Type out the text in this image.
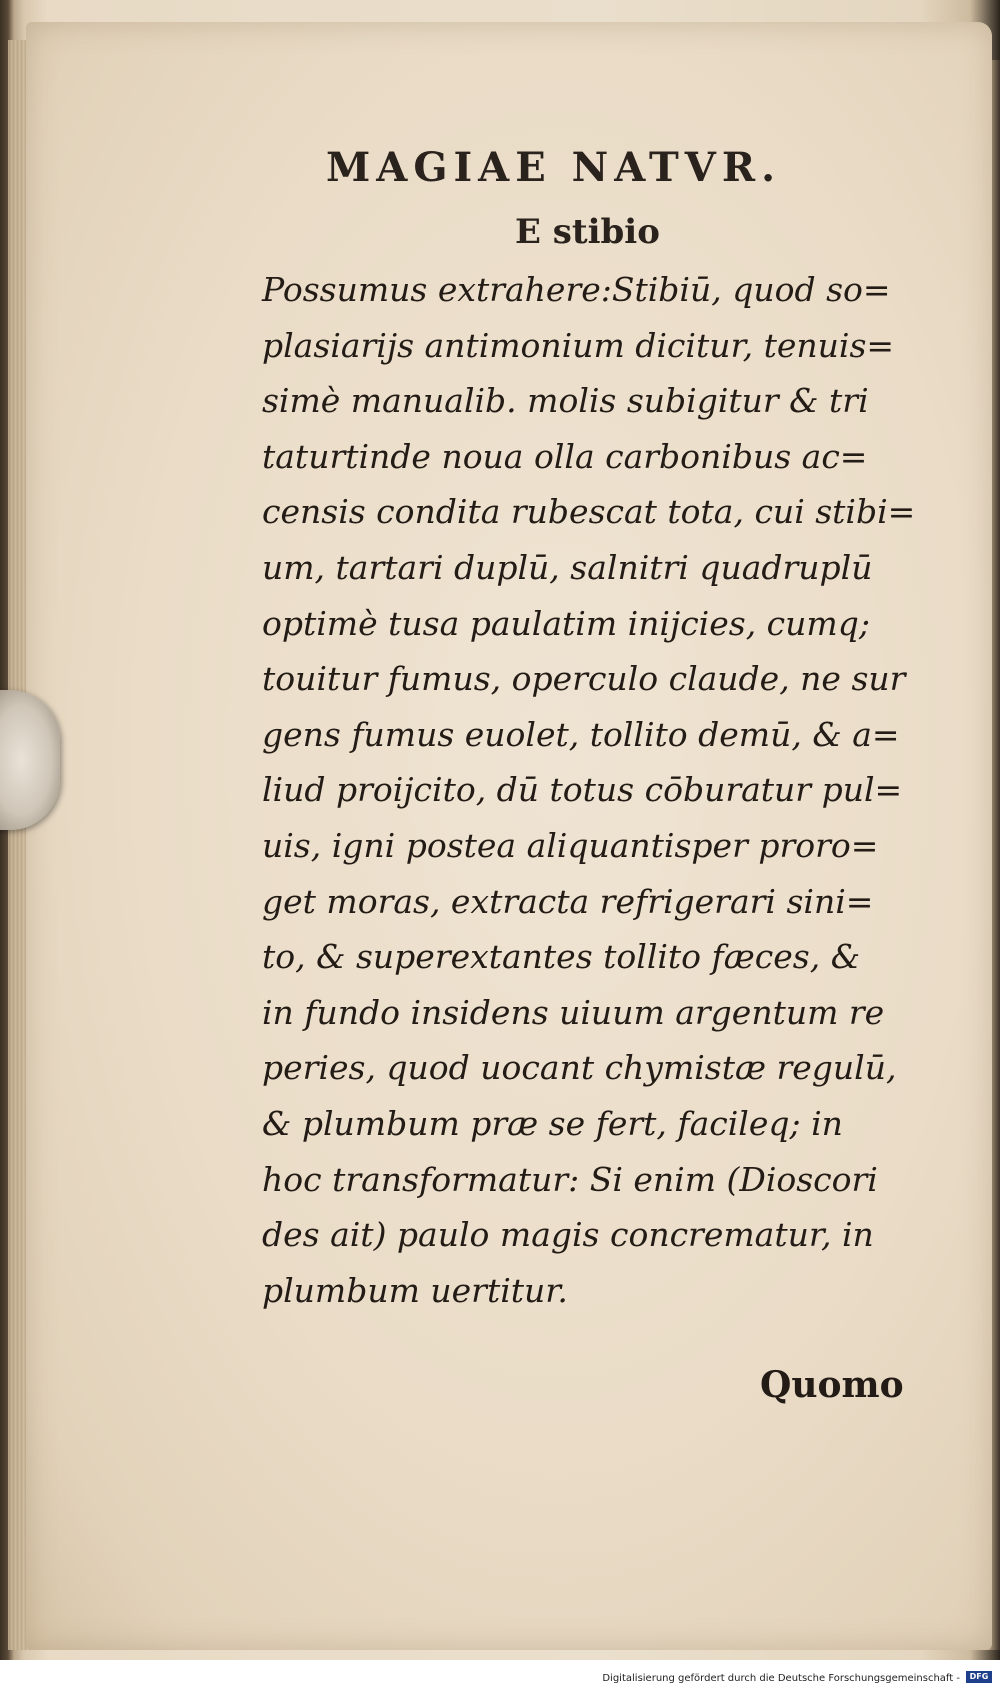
MAGIAE NATVR.
E stibio
Possumus extrahere:Stibiū, quod so=
plasiarijs antimonium dicitur, tenuis=
simè manualib. molis subigitur & tri
taturtinde noua olla carbonibus ac=
censis condita rubescat tota, cui stibi=
um, tartari duplū, salnitri quadruplū
optimè tusa paulatim inijcies, cumq;
touitur fumus, operculo claude, ne sur
gens fumus euolet, tollito demū, & a=
liud proijcito, dū totus cōburatur pul=
uis, igni postea aliquantisper proro=
get moras, extracta refrigerari sini=
to, & superextantes tollito fæces, &
in fundo insidens uiuum argentum re
peries, quod uocant chymistæ regulū,
& plumbum præ se fert, facileq; in
hoc transformatur: Si enim (Dioscori
des ait) paulo magis concrematur, in
plumbum uertitur.
Quomo
Digitalisierung gefördert durch die Deutsche Forschungsgemeinschaft -	DFG
